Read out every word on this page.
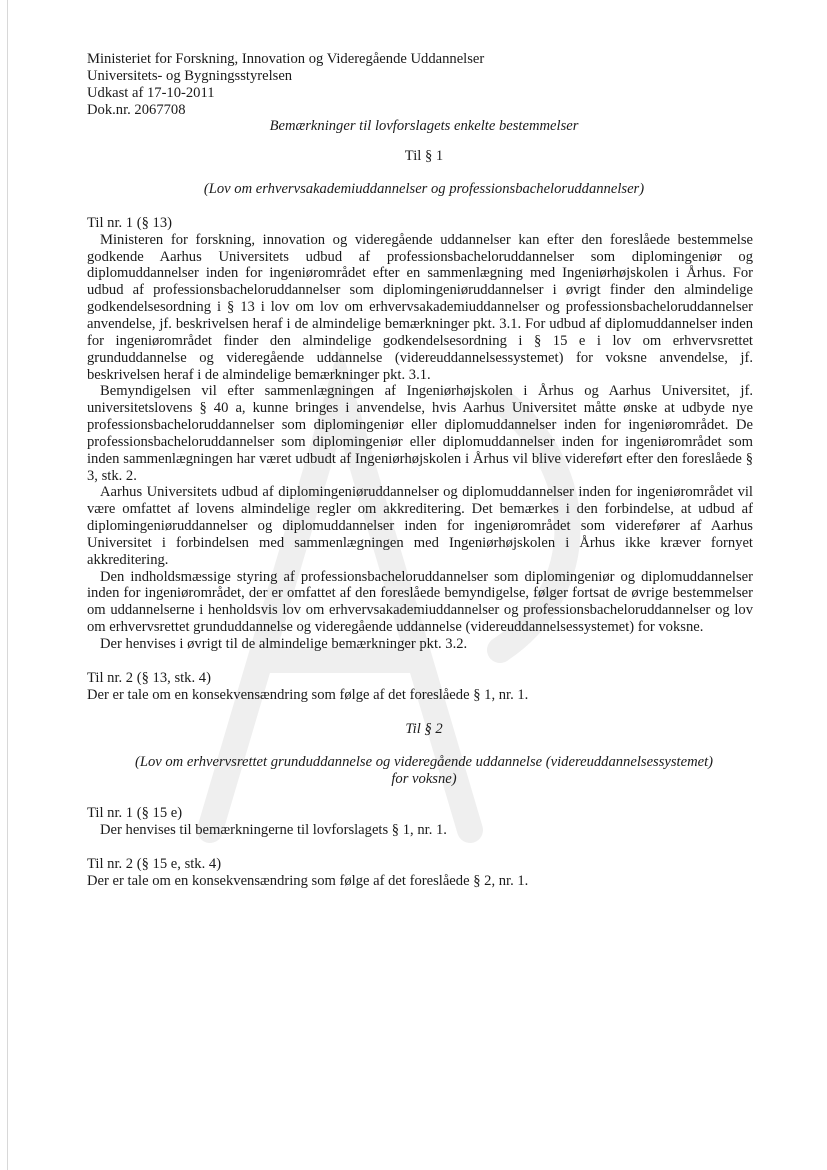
Ministeriet for Forskning, Innovation og Videregående Uddannelser
Universitets- og Bygningsstyrelsen
Udkast af 17-10-2011
Dok.nr. 2067708
Bemærkninger til lovforslagets enkelte bestemmelser
Til § 1
(Lov om erhvervsakademiuddannelser og professionsbacheloruddannelser)
Til nr. 1 (§ 13)
Ministeren for forskning, innovation og videregående uddannelser kan efter den foreslåede bestemmelse godkende Aarhus Universitets udbud af professionsbacheloruddannelser som diplomingeniør og diplomuddannelser inden for ingeniørområdet efter en sammenlægning med Ingeniørhøjskolen i Århus. For udbud af professionsbacheloruddannelser som diplomingeniøruddannelser i øvrigt finder den almindelige godkendelsesordning i § 13 i lov om lov om erhvervsakademiuddannelser og professionsbacheloruddannelser anvendelse, jf. beskrivelsen heraf i de almindelige bemærkninger pkt. 3.1. For udbud af diplomuddannelser inden for ingeniørområdet finder den almindelige godkendelsesordning i § 15 e i lov om erhvervsrettet grunduddannelse og videregående uddannelse (videreuddannelsessystemet) for voksne anvendelse, jf. beskrivelsen heraf i de almindelige bemærkninger pkt. 3.1.
Bemyndigelsen vil efter sammenlægningen af Ingeniørhøjskolen i Århus og Aarhus Universitet, jf. universitetslovens § 40 a, kunne bringes i anvendelse, hvis Aarhus Universitet måtte ønske at udbyde nye professionsbacheloruddannelser som diplomingeniør eller diplomuddannelser inden for ingeniørområdet. De professionsbacheloruddannelser som diplomingeniør eller diplomuddannelser inden for ingeniørområdet som inden sammenlægningen har været udbudt af Ingeniørhøjskolen i Århus vil blive videreført efter den foreslåede § 3, stk. 2.
Aarhus Universitets udbud af diplomingeniøruddannelser og diplomuddannelser inden for ingeniørområdet vil være omfattet af lovens almindelige regler om akkreditering. Det bemærkes i den forbindelse, at udbud af diplomingeniøruddannelser og diplomuddannelser inden for ingeniørområdet som viderefører af Aarhus Universitet i forbindelsen med sammenlægningen med Ingeniørhøjskolen i Århus ikke kræver fornyet akkreditering.
Den indholdsmæssige styring af professionsbacheloruddannelser som diplomingeniør og diplomuddannelser inden for ingeniørområdet, der er omfattet af den foreslåede bemyndigelse, følger fortsat de øvrige bestemmelser om uddannelserne i henholdsvis lov om erhvervsakademiuddannelser og professionsbacheloruddannelser og lov om erhvervsrettet grunduddannelse og videregående uddannelse (videreuddannelsessystemet) for voksne.
Der henvises i øvrigt til de almindelige bemærkninger pkt. 3.2.
Til nr. 2 (§ 13, stk. 4)
Der er tale om en konsekvensændring som følge af det foreslåede § 1, nr. 1.
Til § 2
(Lov om erhvervsrettet grunduddannelse og videregående uddannelse (videreuddannelsessystemet)
for voksne)
Til nr. 1 (§ 15 e)
Der henvises til bemærkningerne til lovforslagets § 1, nr. 1.
Til nr. 2 (§ 15 e, stk. 4)
Der er tale om en konsekvensændring som følge af det foreslåede § 2, nr. 1.
